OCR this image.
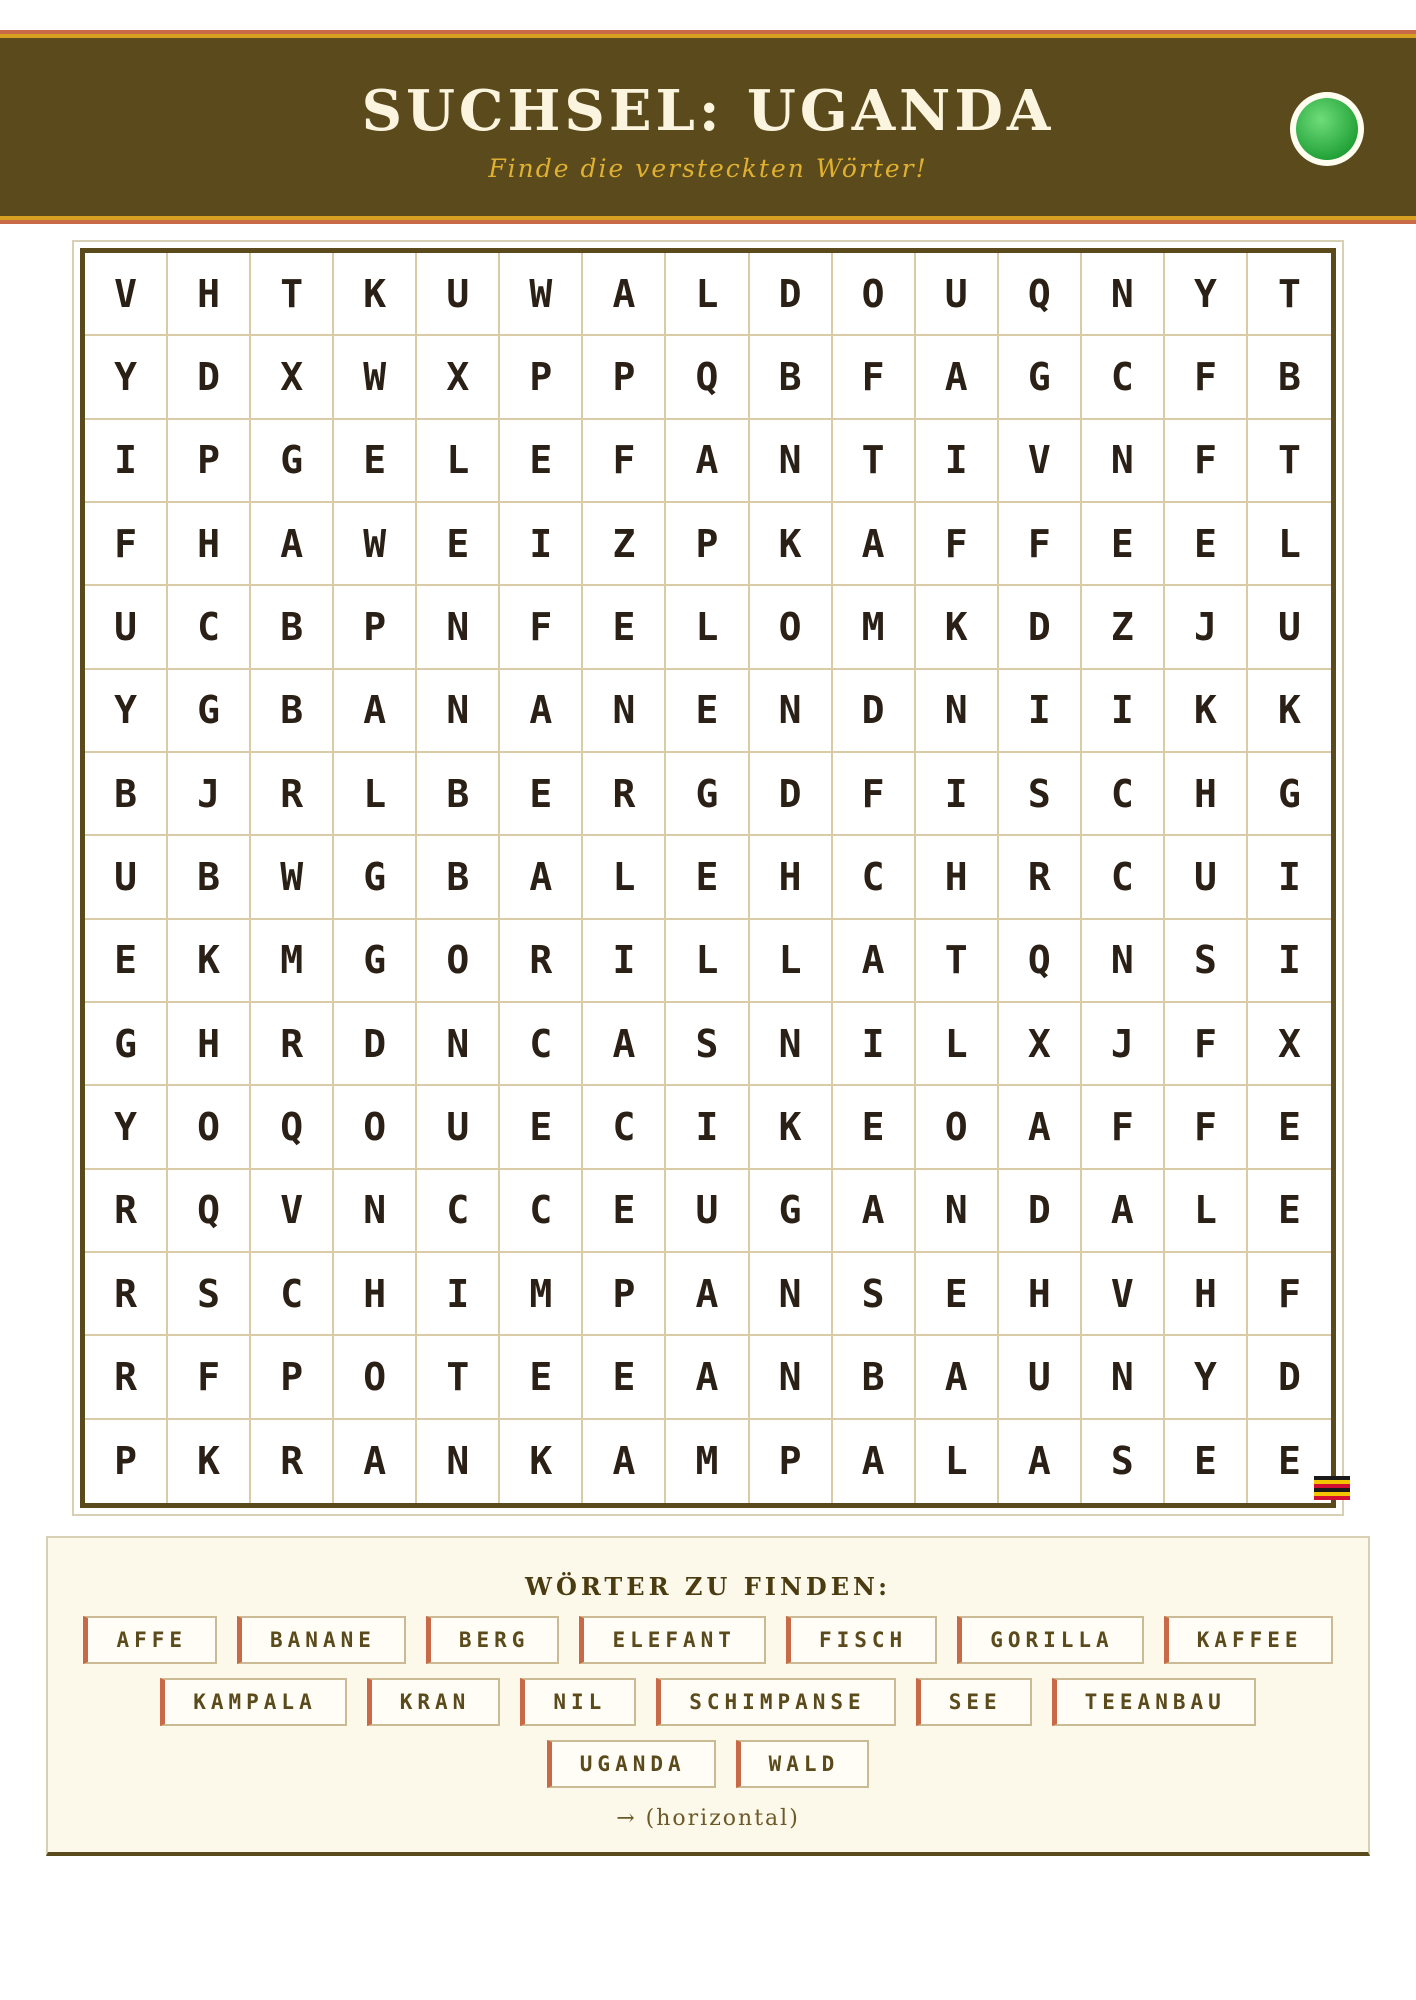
SUCHSEL: UGANDA
Finde die versteckten Wörter!
V	H	T	K	U	W	A	L	D	O	U	Q	N	Y	T
Y	D	X	W	X	P	P	Q	B	F	A	G	C	F	B
I	P	G	E	L	E	F	A	N	T	I	V	N	F	T
F	H	A	W	E	I	Z	P	K	A	F	F	E	E	L
U	C	B	P	N	F	E	L	O	M	K	D	Z	J	U
Y	G	B	A	N	A	N	E	N	D	N	I	I	K	K
B	J	R	L	B	E	R	G	D	F	I	S	C	H	G
U	B	W	G	B	A	L	E	H	C	H	R	C	U	I
E	K	M	G	O	R	I	L	L	A	T	Q	N	S	I
G	H	R	D	N	C	A	S	N	I	L	X	J	F	X
Y	O	Q	O	U	E	C	I	K	E	O	A	F	F	E
R	Q	V	N	C	C	E	U	G	A	N	D	A	L	E
R	S	C	H	I	M	P	A	N	S	E	H	V	H	F
R	F	P	O	T	E	E	A	N	B	A	U	N	Y	D
P	K	R	A	N	K	A	M	P	A	L	A	S	E	E
WÖRTER ZU FINDEN:
AFFE	BANANE	BERG	ELEFANT	FISCH	GORILLA	KAFFEE
KAMPALA	KRAN	NIL	SCHIMPANSE	SEE	TEEANBAU
UGANDA	WALD
→ (horizontal)
